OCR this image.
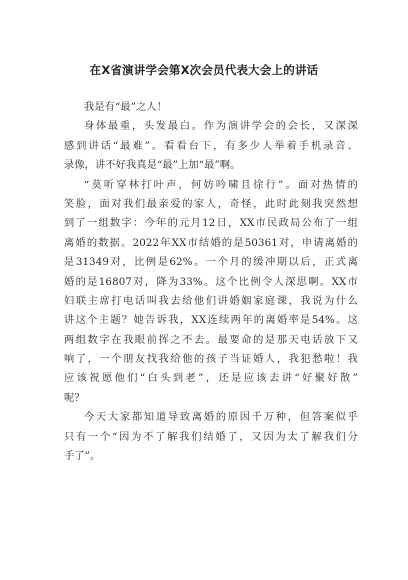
在X省演讲学会第X次会员代表大会上的讲话
我是有“最”之人！
身体最重，头发最白。作为演讲学会的会长，又深深
感到讲话“最难”。看看台下，有多少人举着手机录音、
录像，讲不好我真是“最”上加“最”啊。
“莫听穿林打叶声，何妨吟啸且徐行”。面对热情的
笑脸，面对我们最亲爱的家人，奇怪，此时此刻我突然想
到了一组数字：今年的元月12日，XX市民政局公布了一组
离婚的数据。2022年XX市结婚的是50361对，申请离婚的
是31349对，比例是62%。一个月的缓冲期以后，正式离
婚的是16807对，降为33%。这个比例令人深思啊。XX市
妇联主席打电话叫我去给他们讲婚姻家庭课，我说为什么
讲这个主题？她告诉我，XX连续两年的离婚率是54%。这
两组数字在我眼前挥之不去。最要命的是那天电话放下又
响了，一个朋友找我给他的孩子当证婚人，我犯愁啦！我
应该祝愿他们“白头到老”，还是应该去讲“好聚好散”
呢？
今天大家都知道导致离婚的原因千万种，但答案似乎
只有一个“因为不了解我们结婚了，又因为太了解我们分
手了”。
